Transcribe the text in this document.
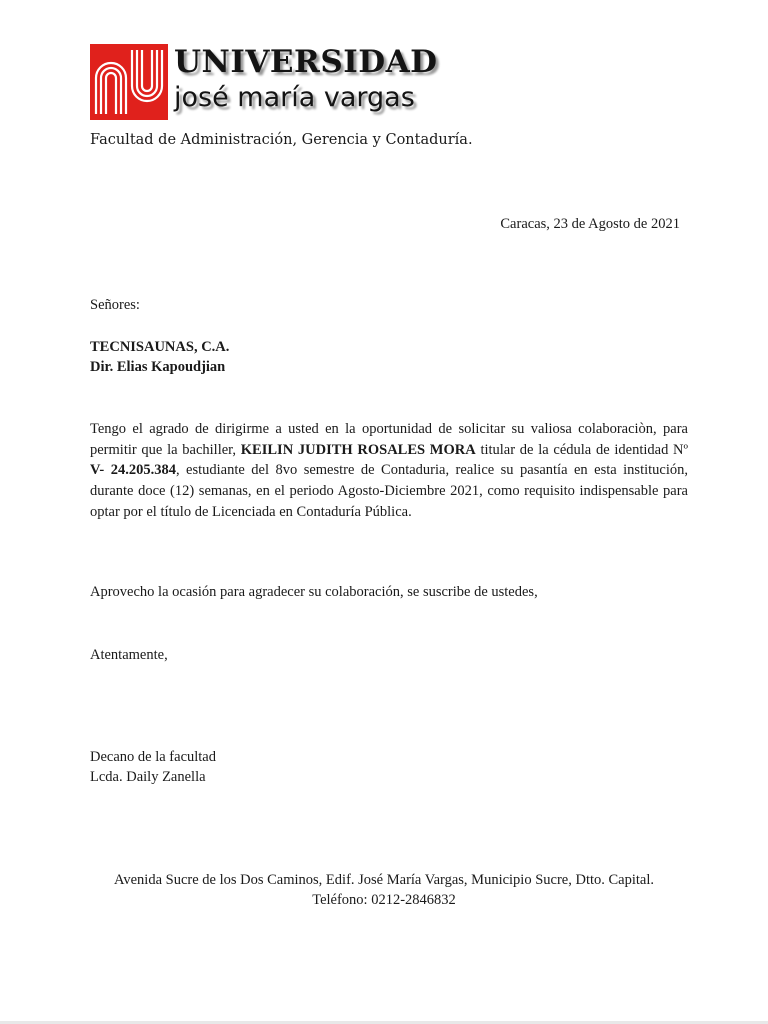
UNIVERSIDAD
josé maría vargas
Facultad de Administración, Gerencia y Contaduría.
Caracas, 23 de Agosto de 2021
Señores:
TECNISAUNAS, C.A.
Dir. Elias Kapoudjian

Tengo el agrado de dirigirme a usted en la oportunidad de solicitar su valiosa colaboraciòn, para permitir que la bachiller, KEILIN JUDITH ROSALES MORA titular de la cédula de identidad Nº V- 24.205.384, estudiante del 8vo semestre de Contaduria, realice su pasantía en esta institución, durante doce (12) semanas, en el periodo Agosto-Diciembre 2021, como requisito indispensable para optar por el título de Licenciada en Contaduría Pública.

Aprovecho la ocasión para agradecer su colaboración, se suscribe de ustedes,
Atentamente,
Decano de la facultad
Lcda. Daily Zanella
Avenida Sucre de los Dos Caminos, Edif. José María Vargas, Municipio Sucre, Dtto. Capital.
Teléfono: 0212-2846832
